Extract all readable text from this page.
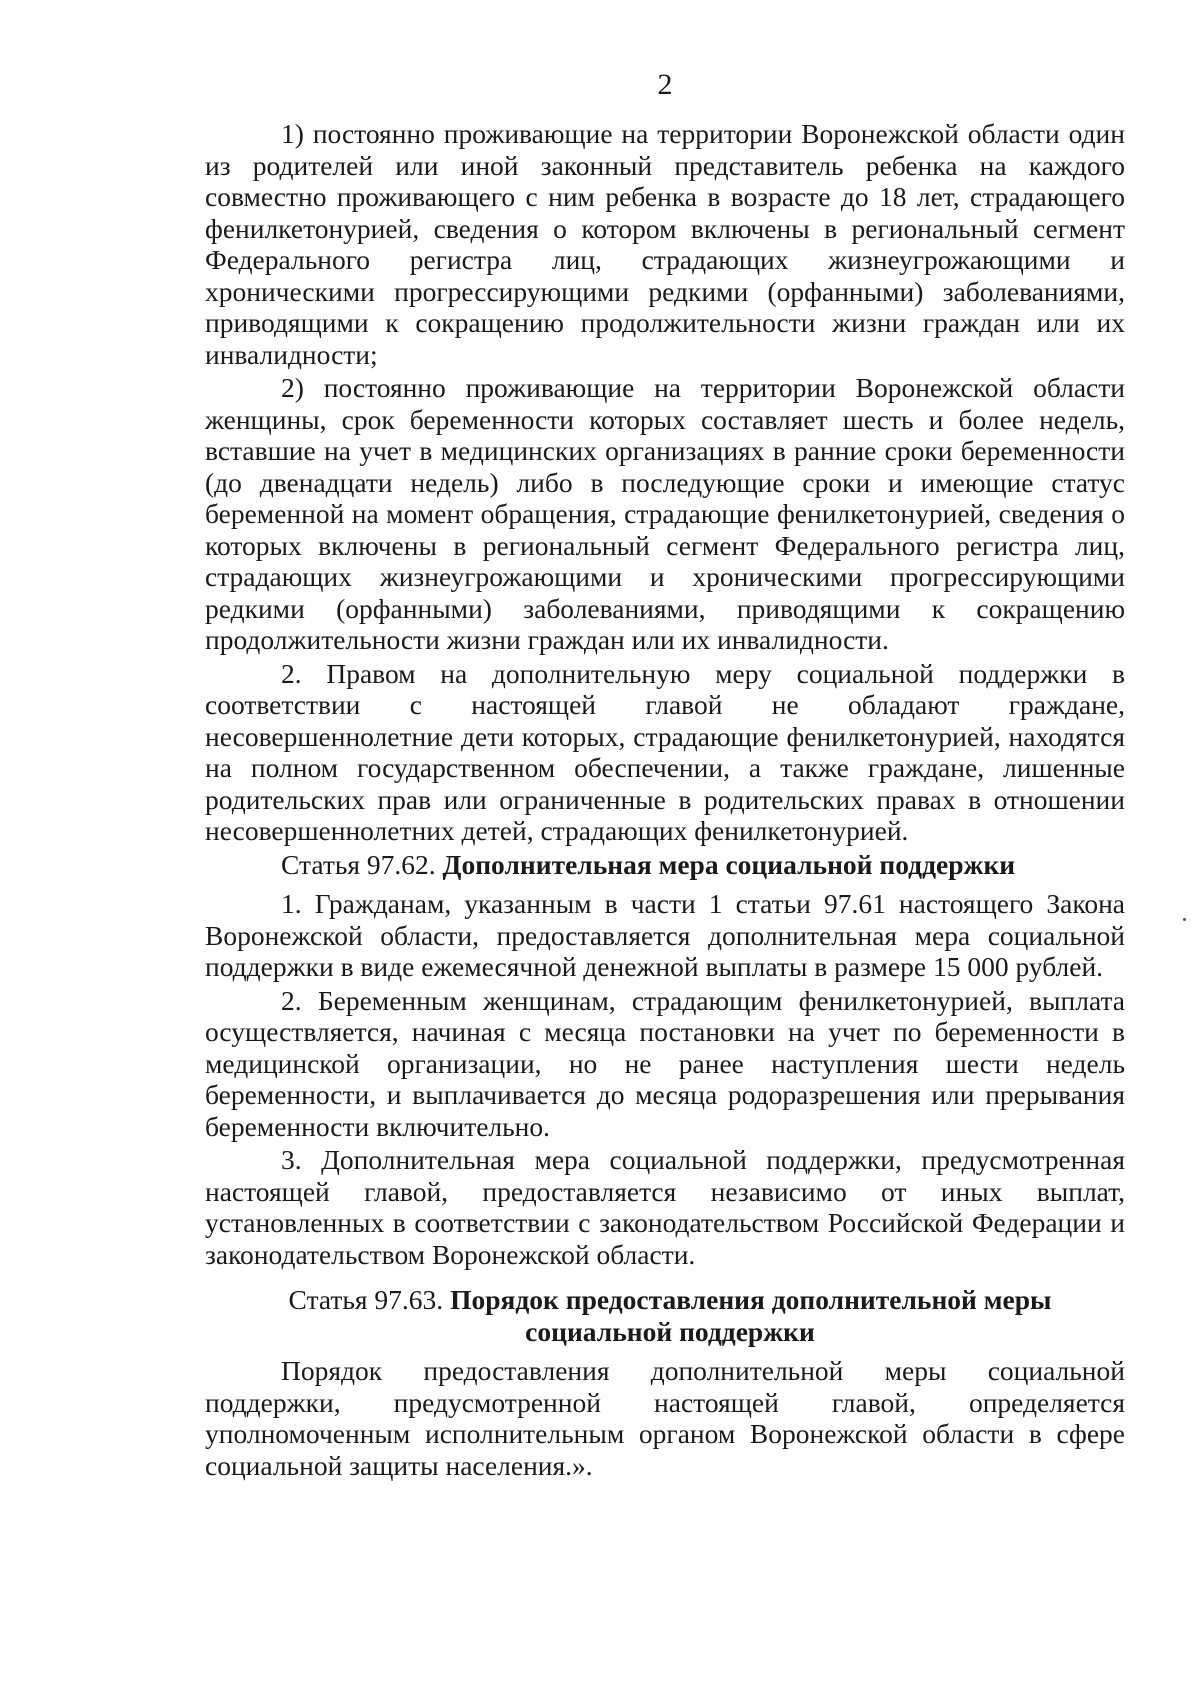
2

1) постоянно проживающие на территории Воронежской области один из родителей или иной законный представитель ребенка на каждого совместно проживающего с ним ребенка в возрасте до 18 лет, страдающего фенилкетонурией, сведения о котором включены в региональный сегмент Федерального регистра лиц, страдающих жизнеугрожающими и хроническими прогрессирующими редкими (орфанными) заболеваниями, приводящими к сокращению продолжительности жизни граждан или их инвалидности;

2) постоянно проживающие на территории Воронежской области женщины, срок беременности которых составляет шесть и более недель, вставшие на учет в медицинских организациях в ранние сроки беременности (до двенадцати недель) либо в последующие сроки и имеющие статус беременной на момент обращения, страдающие фенилкетонурией, сведения о которых включены в региональный сегмент Федерального регистра лиц, страдающих жизнеугрожающими и хроническими прогрессирующими редкими (орфанными) заболеваниями, приводящими к сокращению продолжительности жизни граждан или их инвалидности.

2. Правом на дополнительную меру социальной поддержки в соответствии с настоящей главой не обладают граждане, несовершеннолетние дети которых, страдающие фенилкетонурией, находятся на полном государственном обеспечении, а также граждане, лишенные родительских прав или ограниченные в родительских правах в отношении несовершеннолетних детей, страдающих фенилкетонурией.

Статья 97.62. Дополнительная мера социальной поддержки

1. Гражданам, указанным в части 1 статьи 97.61 настоящего Закона Воронежской области, предоставляется дополнительная мера социальной поддержки в виде ежемесячной денежной выплаты в размере 15 000 рублей.

2. Беременным женщинам, страдающим фенилкетонурией, выплата осуществляется, начиная с месяца постановки на учет по беременности в медицинской организации, но не ранее наступления шести недель беременности, и выплачивается до месяца родоразрешения или прерывания беременности включительно.

3. Дополнительная мера социальной поддержки, предусмотренная настоящей главой, предоставляется независимо от иных выплат, установленных в соответствии с законодательством Российской Федерации и законодательством Воронежской области.

Статья 97.63. Порядок предоставления дополнительной меры
социальной поддержки

Порядок предоставления дополнительной меры социальной поддержки, предусмотренной настоящей главой, определяется уполномоченным исполнительным органом Воронежской области в сфере социальной защиты населения.».
